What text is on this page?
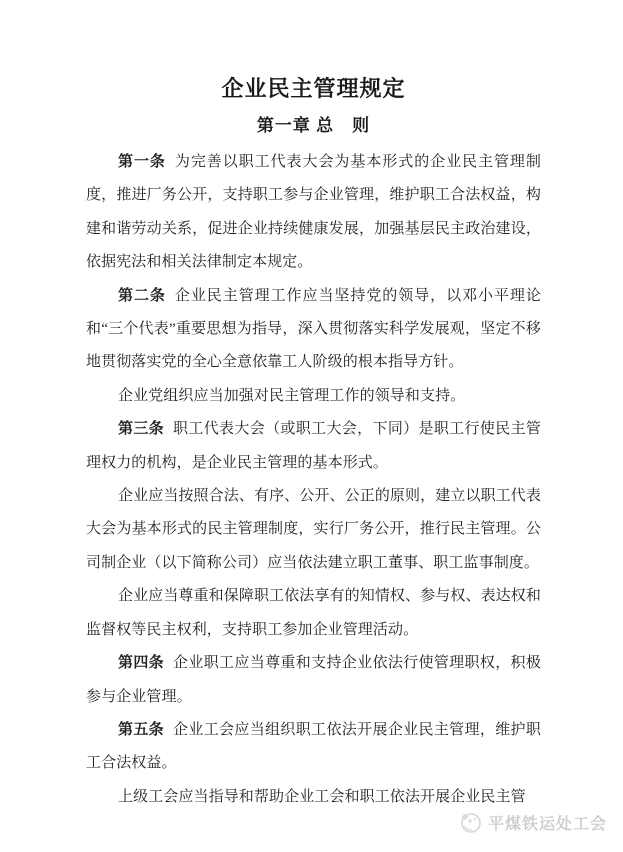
企业民主管理规定
第一章 总　则

第一条 为完善以职工代表大会为基本形式的企业民主管理制度，推进厂务公开，支持职工参与企业管理，维护职工合法权益，构建和谐劳动关系，促进企业持续健康发展，加强基层民主政治建设，依据宪法和相关法律制定本规定。

第二条 企业民主管理工作应当坚持党的领导，以邓小平理论和“三个代表”重要思想为指导，深入贯彻落实科学发展观，坚定不移地贯彻落实党的全心全意依靠工人阶级的根本指导方针。

企业党组织应当加强对民主管理工作的领导和支持。

第三条 职工代表大会（或职工大会，下同）是职工行使民主管理权力的机构，是企业民主管理的基本形式。

企业应当按照合法、有序、公开、公正的原则，建立以职工代表大会为基本形式的民主管理制度，实行厂务公开，推行民主管理。公司制企业（以下简称公司）应当依法建立职工董事、职工监事制度。

企业应当尊重和保障职工依法享有的知情权、参与权、表达权和监督权等民主权利，支持职工参加企业管理活动。

第四条 企业职工应当尊重和支持企业依法行使管理职权，积极参与企业管理。

第五条 企业工会应当组织职工依法开展企业民主管理，维护职工合法权益。

上级工会应当指导和帮助企业工会和职工依法开展企业民主管

平煤铁运处工会
